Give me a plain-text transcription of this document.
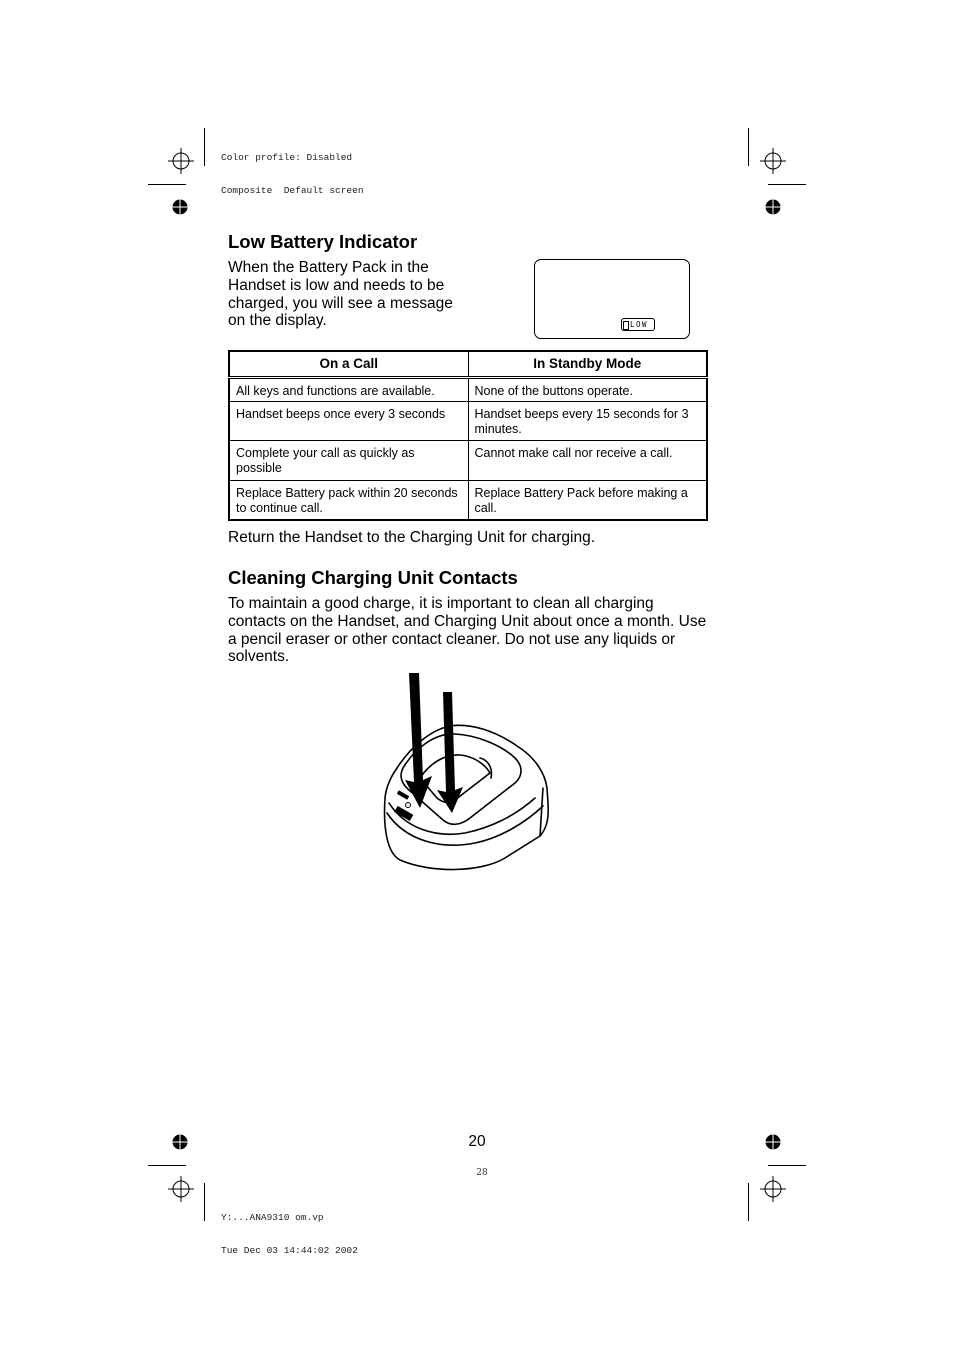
Color profile: Disabled

Composite  Default screen

Low Battery Indicator

When the Battery Pack in the Handset is low and needs to be charged, you will see a message on the display.	LOW
On a Call	In Standby Mode
All keys and functions are available.	None of the buttons operate.
Handset beeps once every 3 seconds	Handset beeps every 15 seconds for 3 minutes.
Complete your call as quickly as possible	Cannot make call nor receive a call.
Replace Battery pack within 20 seconds to continue call.	Replace Battery Pack before making a call.

Return the Handset to the Charging Unit for charging.

Cleaning Charging Unit Contacts

To maintain a good charge, it is important to clean all charging contacts on the Handset, and Charging Unit about once a month. Use a pencil eraser or other contact cleaner. Do not use any liquids or solvents.

20
28

Y:...ANA9310 om.vp

Tue Dec 03 14:44:02 2002
